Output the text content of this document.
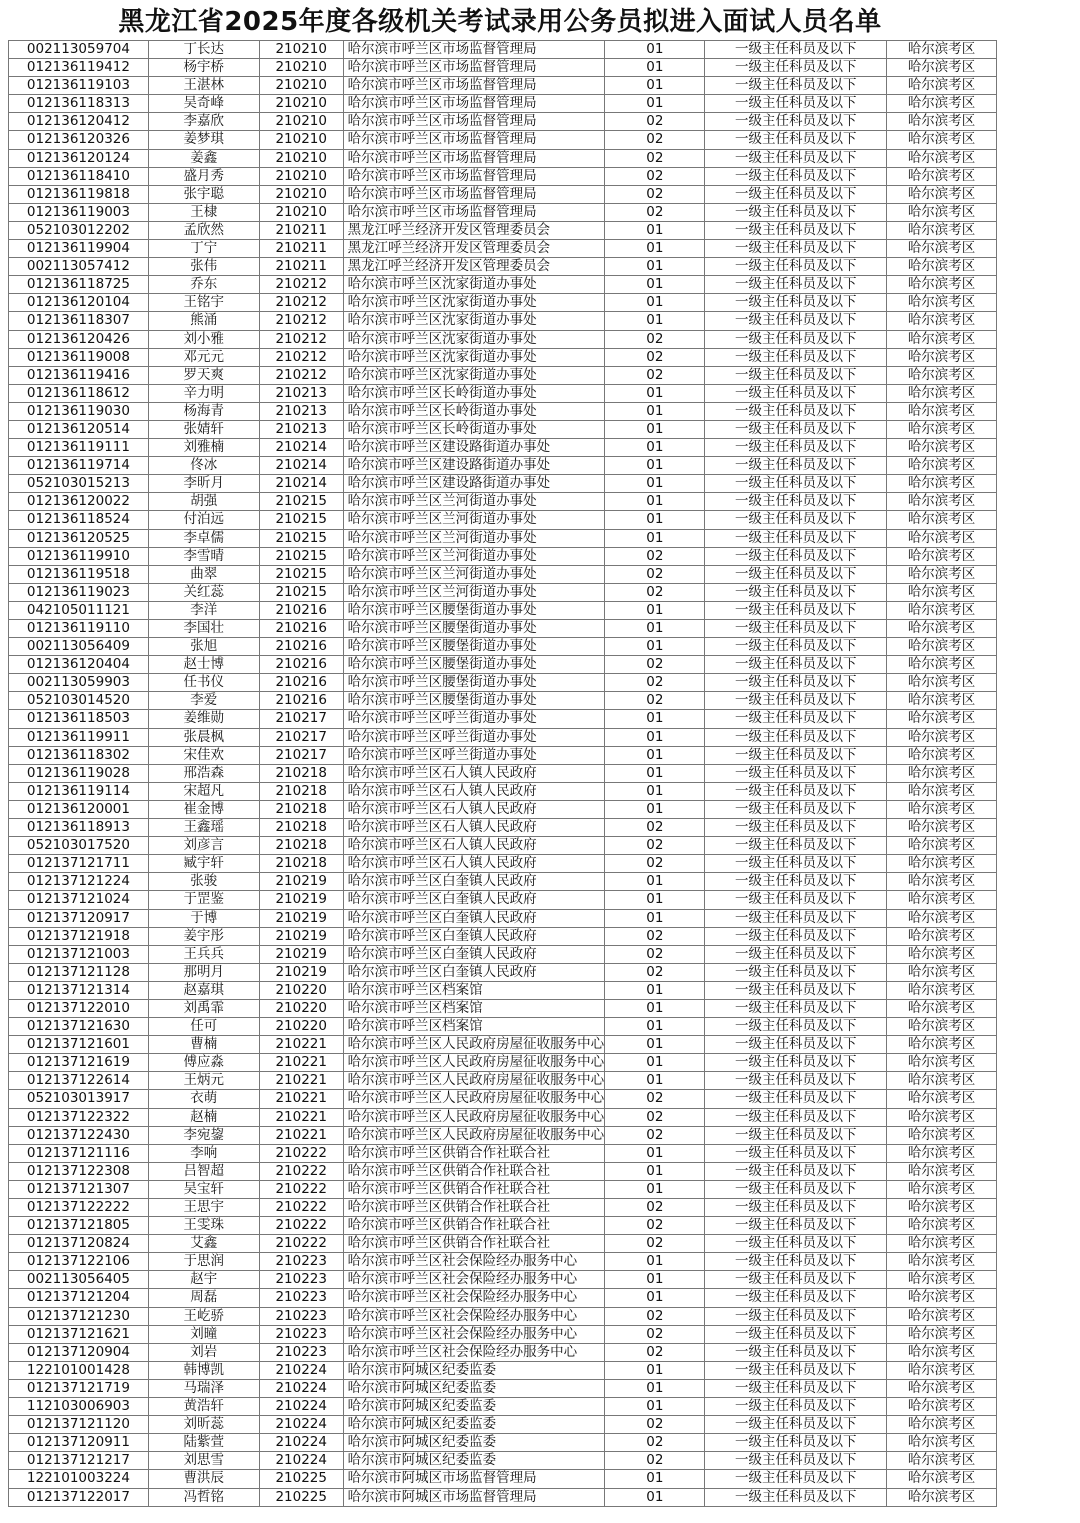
黑龙江省2025年度各级机关考试录用公务员拟进入面试人员名单
002113059704	丁长达	210210	哈尔滨市呼兰区市场监督管理局	01	一级主任科员及以下	哈尔滨考区
012136119412	杨宇桥	210210	哈尔滨市呼兰区市场监督管理局	01	一级主任科员及以下	哈尔滨考区
012136119103	王湛林	210210	哈尔滨市呼兰区市场监督管理局	01	一级主任科员及以下	哈尔滨考区
012136118313	吴奇峰	210210	哈尔滨市呼兰区市场监督管理局	01	一级主任科员及以下	哈尔滨考区
012136120412	李嘉欣	210210	哈尔滨市呼兰区市场监督管理局	02	一级主任科员及以下	哈尔滨考区
012136120326	姜梦琪	210210	哈尔滨市呼兰区市场监督管理局	02	一级主任科员及以下	哈尔滨考区
012136120124	姜鑫	210210	哈尔滨市呼兰区市场监督管理局	02	一级主任科员及以下	哈尔滨考区
012136118410	盛月秀	210210	哈尔滨市呼兰区市场监督管理局	02	一级主任科员及以下	哈尔滨考区
012136119818	张宇聪	210210	哈尔滨市呼兰区市场监督管理局	02	一级主任科员及以下	哈尔滨考区
012136119003	王棣	210210	哈尔滨市呼兰区市场监督管理局	02	一级主任科员及以下	哈尔滨考区
052103012202	孟欣然	210211	黑龙江呼兰经济开发区管理委员会	01	一级主任科员及以下	哈尔滨考区
012136119904	丁宁	210211	黑龙江呼兰经济开发区管理委员会	01	一级主任科员及以下	哈尔滨考区
002113057412	张伟	210211	黑龙江呼兰经济开发区管理委员会	01	一级主任科员及以下	哈尔滨考区
012136118725	乔东	210212	哈尔滨市呼兰区沈家街道办事处	01	一级主任科员及以下	哈尔滨考区
012136120104	王铭宇	210212	哈尔滨市呼兰区沈家街道办事处	01	一级主任科员及以下	哈尔滨考区
012136118307	熊涌	210212	哈尔滨市呼兰区沈家街道办事处	01	一级主任科员及以下	哈尔滨考区
012136120426	刘小雅	210212	哈尔滨市呼兰区沈家街道办事处	02	一级主任科员及以下	哈尔滨考区
012136119008	邓元元	210212	哈尔滨市呼兰区沈家街道办事处	02	一级主任科员及以下	哈尔滨考区
012136119416	罗天爽	210212	哈尔滨市呼兰区沈家街道办事处	02	一级主任科员及以下	哈尔滨考区
012136118612	辛力明	210213	哈尔滨市呼兰区长岭街道办事处	01	一级主任科员及以下	哈尔滨考区
012136119030	杨海青	210213	哈尔滨市呼兰区长岭街道办事处	01	一级主任科员及以下	哈尔滨考区
012136120514	张婧轩	210213	哈尔滨市呼兰区长岭街道办事处	01	一级主任科员及以下	哈尔滨考区
012136119111	刘雅楠	210214	哈尔滨市呼兰区建设路街道办事处	01	一级主任科员及以下	哈尔滨考区
012136119714	佟冰	210214	哈尔滨市呼兰区建设路街道办事处	01	一级主任科员及以下	哈尔滨考区
052103015213	李昕月	210214	哈尔滨市呼兰区建设路街道办事处	01	一级主任科员及以下	哈尔滨考区
012136120022	胡强	210215	哈尔滨市呼兰区兰河街道办事处	01	一级主任科员及以下	哈尔滨考区
012136118524	付泊远	210215	哈尔滨市呼兰区兰河街道办事处	01	一级主任科员及以下	哈尔滨考区
012136120525	李卓儒	210215	哈尔滨市呼兰区兰河街道办事处	01	一级主任科员及以下	哈尔滨考区
012136119910	李雪晴	210215	哈尔滨市呼兰区兰河街道办事处	02	一级主任科员及以下	哈尔滨考区
012136119518	曲翠	210215	哈尔滨市呼兰区兰河街道办事处	02	一级主任科员及以下	哈尔滨考区
012136119023	关红蕊	210215	哈尔滨市呼兰区兰河街道办事处	02	一级主任科员及以下	哈尔滨考区
042105011121	李洋	210216	哈尔滨市呼兰区腰堡街道办事处	01	一级主任科员及以下	哈尔滨考区
012136119110	李国壮	210216	哈尔滨市呼兰区腰堡街道办事处	01	一级主任科员及以下	哈尔滨考区
002113056409	张旭	210216	哈尔滨市呼兰区腰堡街道办事处	01	一级主任科员及以下	哈尔滨考区
012136120404	赵士博	210216	哈尔滨市呼兰区腰堡街道办事处	02	一级主任科员及以下	哈尔滨考区
002113059903	任书仪	210216	哈尔滨市呼兰区腰堡街道办事处	02	一级主任科员及以下	哈尔滨考区
052103014520	李爱	210216	哈尔滨市呼兰区腰堡街道办事处	02	一级主任科员及以下	哈尔滨考区
012136118503	姜维勋	210217	哈尔滨市呼兰区呼兰街道办事处	01	一级主任科员及以下	哈尔滨考区
012136119911	张晨枫	210217	哈尔滨市呼兰区呼兰街道办事处	01	一级主任科员及以下	哈尔滨考区
012136118302	宋佳欢	210217	哈尔滨市呼兰区呼兰街道办事处	01	一级主任科员及以下	哈尔滨考区
012136119028	邢浩森	210218	哈尔滨市呼兰区石人镇人民政府	01	一级主任科员及以下	哈尔滨考区
012136119114	宋超凡	210218	哈尔滨市呼兰区石人镇人民政府	01	一级主任科员及以下	哈尔滨考区
012136120001	崔金博	210218	哈尔滨市呼兰区石人镇人民政府	01	一级主任科员及以下	哈尔滨考区
012136118913	王鑫瑶	210218	哈尔滨市呼兰区石人镇人民政府	02	一级主任科员及以下	哈尔滨考区
052103017520	刘彦言	210218	哈尔滨市呼兰区石人镇人民政府	02	一级主任科员及以下	哈尔滨考区
012137121711	臧宇轩	210218	哈尔滨市呼兰区石人镇人民政府	02	一级主任科员及以下	哈尔滨考区
012137121224	张骏	210219	哈尔滨市呼兰区白奎镇人民政府	01	一级主任科员及以下	哈尔滨考区
012137121024	于罡鉴	210219	哈尔滨市呼兰区白奎镇人民政府	01	一级主任科员及以下	哈尔滨考区
012137120917	于博	210219	哈尔滨市呼兰区白奎镇人民政府	01	一级主任科员及以下	哈尔滨考区
012137121918	姜宇彤	210219	哈尔滨市呼兰区白奎镇人民政府	02	一级主任科员及以下	哈尔滨考区
012137121003	王兵兵	210219	哈尔滨市呼兰区白奎镇人民政府	02	一级主任科员及以下	哈尔滨考区
012137121128	那明月	210219	哈尔滨市呼兰区白奎镇人民政府	02	一级主任科员及以下	哈尔滨考区
012137121314	赵嘉琪	210220	哈尔滨市呼兰区档案馆	01	一级主任科员及以下	哈尔滨考区
012137122010	刘禹霏	210220	哈尔滨市呼兰区档案馆	01	一级主任科员及以下	哈尔滨考区
012137121630	任可	210220	哈尔滨市呼兰区档案馆	01	一级主任科员及以下	哈尔滨考区
012137121601	曹楠	210221	哈尔滨市呼兰区人民政府房屋征收服务中心	01	一级主任科员及以下	哈尔滨考区
012137121619	傅应淼	210221	哈尔滨市呼兰区人民政府房屋征收服务中心	01	一级主任科员及以下	哈尔滨考区
012137122614	王炳元	210221	哈尔滨市呼兰区人民政府房屋征收服务中心	01	一级主任科员及以下	哈尔滨考区
052103013917	衣萌	210221	哈尔滨市呼兰区人民政府房屋征收服务中心	02	一级主任科员及以下	哈尔滨考区
012137122322	赵楠	210221	哈尔滨市呼兰区人民政府房屋征收服务中心	02	一级主任科员及以下	哈尔滨考区
012137122430	李宛鋆	210221	哈尔滨市呼兰区人民政府房屋征收服务中心	02	一级主任科员及以下	哈尔滨考区
012137121116	李响	210222	哈尔滨市呼兰区供销合作社联合社	01	一级主任科员及以下	哈尔滨考区
012137122308	吕智超	210222	哈尔滨市呼兰区供销合作社联合社	01	一级主任科员及以下	哈尔滨考区
012137121307	吴宝轩	210222	哈尔滨市呼兰区供销合作社联合社	01	一级主任科员及以下	哈尔滨考区
012137122222	王思宇	210222	哈尔滨市呼兰区供销合作社联合社	02	一级主任科员及以下	哈尔滨考区
012137121805	王雯珠	210222	哈尔滨市呼兰区供销合作社联合社	02	一级主任科员及以下	哈尔滨考区
012137120824	艾鑫	210222	哈尔滨市呼兰区供销合作社联合社	02	一级主任科员及以下	哈尔滨考区
012137122106	于思润	210223	哈尔滨市呼兰区社会保险经办服务中心	01	一级主任科员及以下	哈尔滨考区
002113056405	赵宇	210223	哈尔滨市呼兰区社会保险经办服务中心	01	一级主任科员及以下	哈尔滨考区
012137121204	周磊	210223	哈尔滨市呼兰区社会保险经办服务中心	01	一级主任科员及以下	哈尔滨考区
012137121230	王屹骄	210223	哈尔滨市呼兰区社会保险经办服务中心	02	一级主任科员及以下	哈尔滨考区
012137121621	刘曈	210223	哈尔滨市呼兰区社会保险经办服务中心	02	一级主任科员及以下	哈尔滨考区
012137120904	刘岩	210223	哈尔滨市呼兰区社会保险经办服务中心	02	一级主任科员及以下	哈尔滨考区
122101001428	韩博凯	210224	哈尔滨市阿城区纪委监委	01	一级主任科员及以下	哈尔滨考区
012137121719	马瑞泽	210224	哈尔滨市阿城区纪委监委	01	一级主任科员及以下	哈尔滨考区
112103006903	黄浩轩	210224	哈尔滨市阿城区纪委监委	01	一级主任科员及以下	哈尔滨考区
012137121120	刘昕蕊	210224	哈尔滨市阿城区纪委监委	02	一级主任科员及以下	哈尔滨考区
012137120911	陆紫萱	210224	哈尔滨市阿城区纪委监委	02	一级主任科员及以下	哈尔滨考区
012137121217	刘思雪	210224	哈尔滨市阿城区纪委监委	02	一级主任科员及以下	哈尔滨考区
122101003224	曹洪辰	210225	哈尔滨市阿城区市场监督管理局	01	一级主任科员及以下	哈尔滨考区
012137122017	冯哲铭	210225	哈尔滨市阿城区市场监督管理局	01	一级主任科员及以下	哈尔滨考区
